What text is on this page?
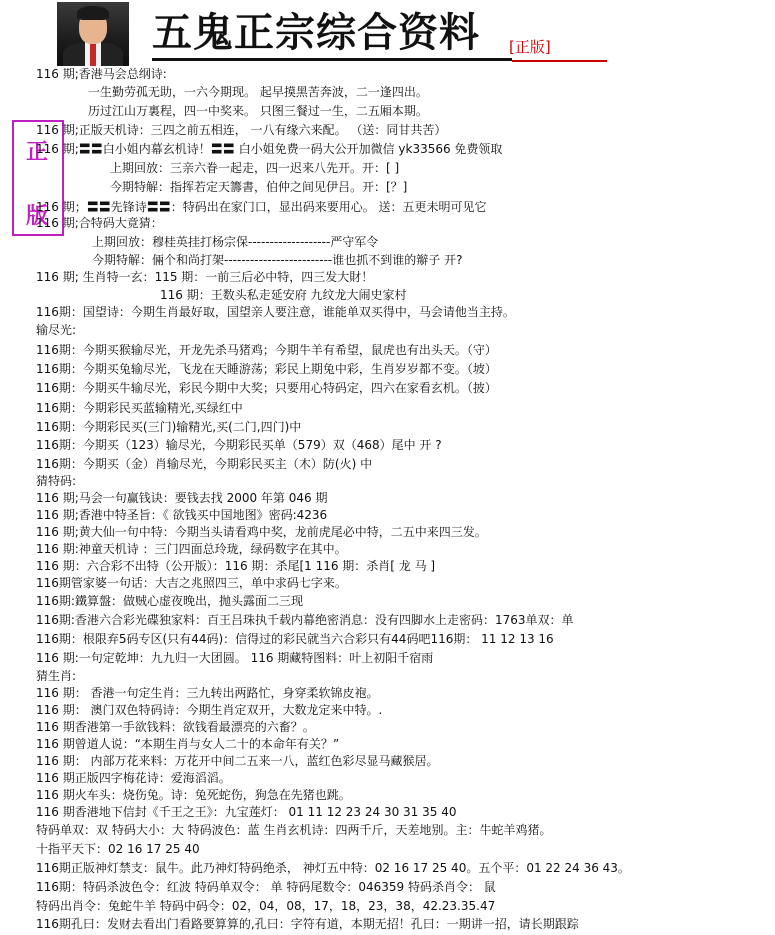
五鬼正宗综合资料 [正版]
正
版
116 期;香港马会总纲诗:
一生勤劳孤无助，一六今期现。 起早摸黑苦奔波，二一逢四出。
历过江山万裏程，四一中奖来。 只图三餐过一生，二五厢本期。
116 期;正版天机诗：三四之前五相连， 一八有缘六来配。 （送：同甘共苦）
116 期;〓〓白小姐内幕玄机诗！〓〓 白小姐免费一码大公开加微信 yk33566 免费领取
上期回放：三亲六眷一起走，四一迟来八先开。开：[ ]
今期特解：指挥若定天籌書，伯仲之间见伊吕。开：[？]
116 期；〓〓先锋诗〓〓：特码出在家门口，显出码来要用心。 送：五更未明可见它
116 期;合特码大竟猜：
上期回放：穆桂英挂打杨宗保-------------------严守军令
今期特解：倆个和尚打架-------------------------谁也抓不到谁的辮子 开?
116 期; 生肖特一玄：115 期：一前三后必中特，四三发大財！
116 期：王数头私走延安府 九纹龙大闹史家村
116期：国望诗：今期生肖最好取，国望亲人要注意，谁能单双买得中，马会请他当主持。
输尽光:
116期：今期买猴输尽光，开龙先杀马猪鸡；今期牛羊有希望，鼠虎也有出头天。（守）
116期：今期买兔输尽光，飞龙在天睡游荡；彩民上期兔中彩，生肖岁岁都不变。（坡）
116期：今期买牛输尽光，彩民今期中大奖；只要用心特码定，四六在家看玄机。（披）
116期：今期彩民买蓝输精光,买绿红中
116期：今期彩民买(三门)输精光,买(二门,四门)中
116期：今期买（123）输尽光，今期彩民买单（579）双（468）尾中 开 ?
116期：今期买（金）肖输尽光，今期彩民买主（木）防(火) 中
猜特码:
116 期;马会一句赢钱诀：要钱去找 2000 年第 046 期
116 期;香港中特圣旨：《 欲钱买中国地图》密码:4236
116 期;黄大仙一句中特：今期当头请看鸡中奖，龙前虎尾必中特，二五中来四三发。
116 期:神童天机诗 ：三门四面总玲珑，绿码数字在其中。
116 期：六合彩不出特（公开版）：116 期：杀尾[1 116 期：杀肖[ 龙 马 ]
116期管家婆一句话：大吉之兆照四三，单中求码七字来。
116期:鐵算盤：做贼心虚夜晚出，抛头露面二三现
116期:香港六合彩光碟独家料：百王吕珠执千载内幕绝密消息：没有四脚水上走密码：1763单双：单
116期：根限弃5码专区(只有44码)：信得过的彩民就当六合彩只有44码吧116期： 11 12 13 16
116 期:一句定乾坤：九九归一大团圆。 116 期藏特图料：叶上初阳千宿雨
猜生肖:
116 期： 香港一句定生肖：三九转出两路忙，身穿柔软锦皮袍。
116 期： 澳门双色特码诗：今期生肖定双开，大数龙定来中特。.
116 期香港第一手欲钱料：欲钱看最漂亮的六畜？。
116 期曾道人说：“本期生肖与女人二十的本命年有关？”
116 期： 内部万花来料：万花开中间二五来一八，蓝红色彩尽显马藏猴居。
116 期正版四字梅花诗：爱海滔滔。
116 期火车头：烧伤兔。诗：兔死蛇伤，狗急在先猪也跳。
116 期香港地下信封《千王之王》：九宝莲灯： 01 11 12 23 24 30 31 35 40
特码单双：双 特码大小：大 特码波色：蓝 生肖玄机诗：四两千斤，天差地别。主：牛蛇羊鸡猪。
十指平天下：02 16 17 25 40
116期正版神灯禁支：鼠牛。此乃神灯特码绝杀， 神灯五中特：02 16 17 25 40。五个平：01 22 24 36 43。
116期：特码杀波色令：红波 特码单双令： 单 特码尾数令：046359 特码杀肖令： 鼠
特码出肖令：兔蛇牛羊 特码中码令：02，04，08，17，18，23，38，42.23.35.47
116期孔曰：发财去看出门看路要算算的,孔曰：字符有道，本期无招！孔曰：一期讲一招，请长期跟踪
